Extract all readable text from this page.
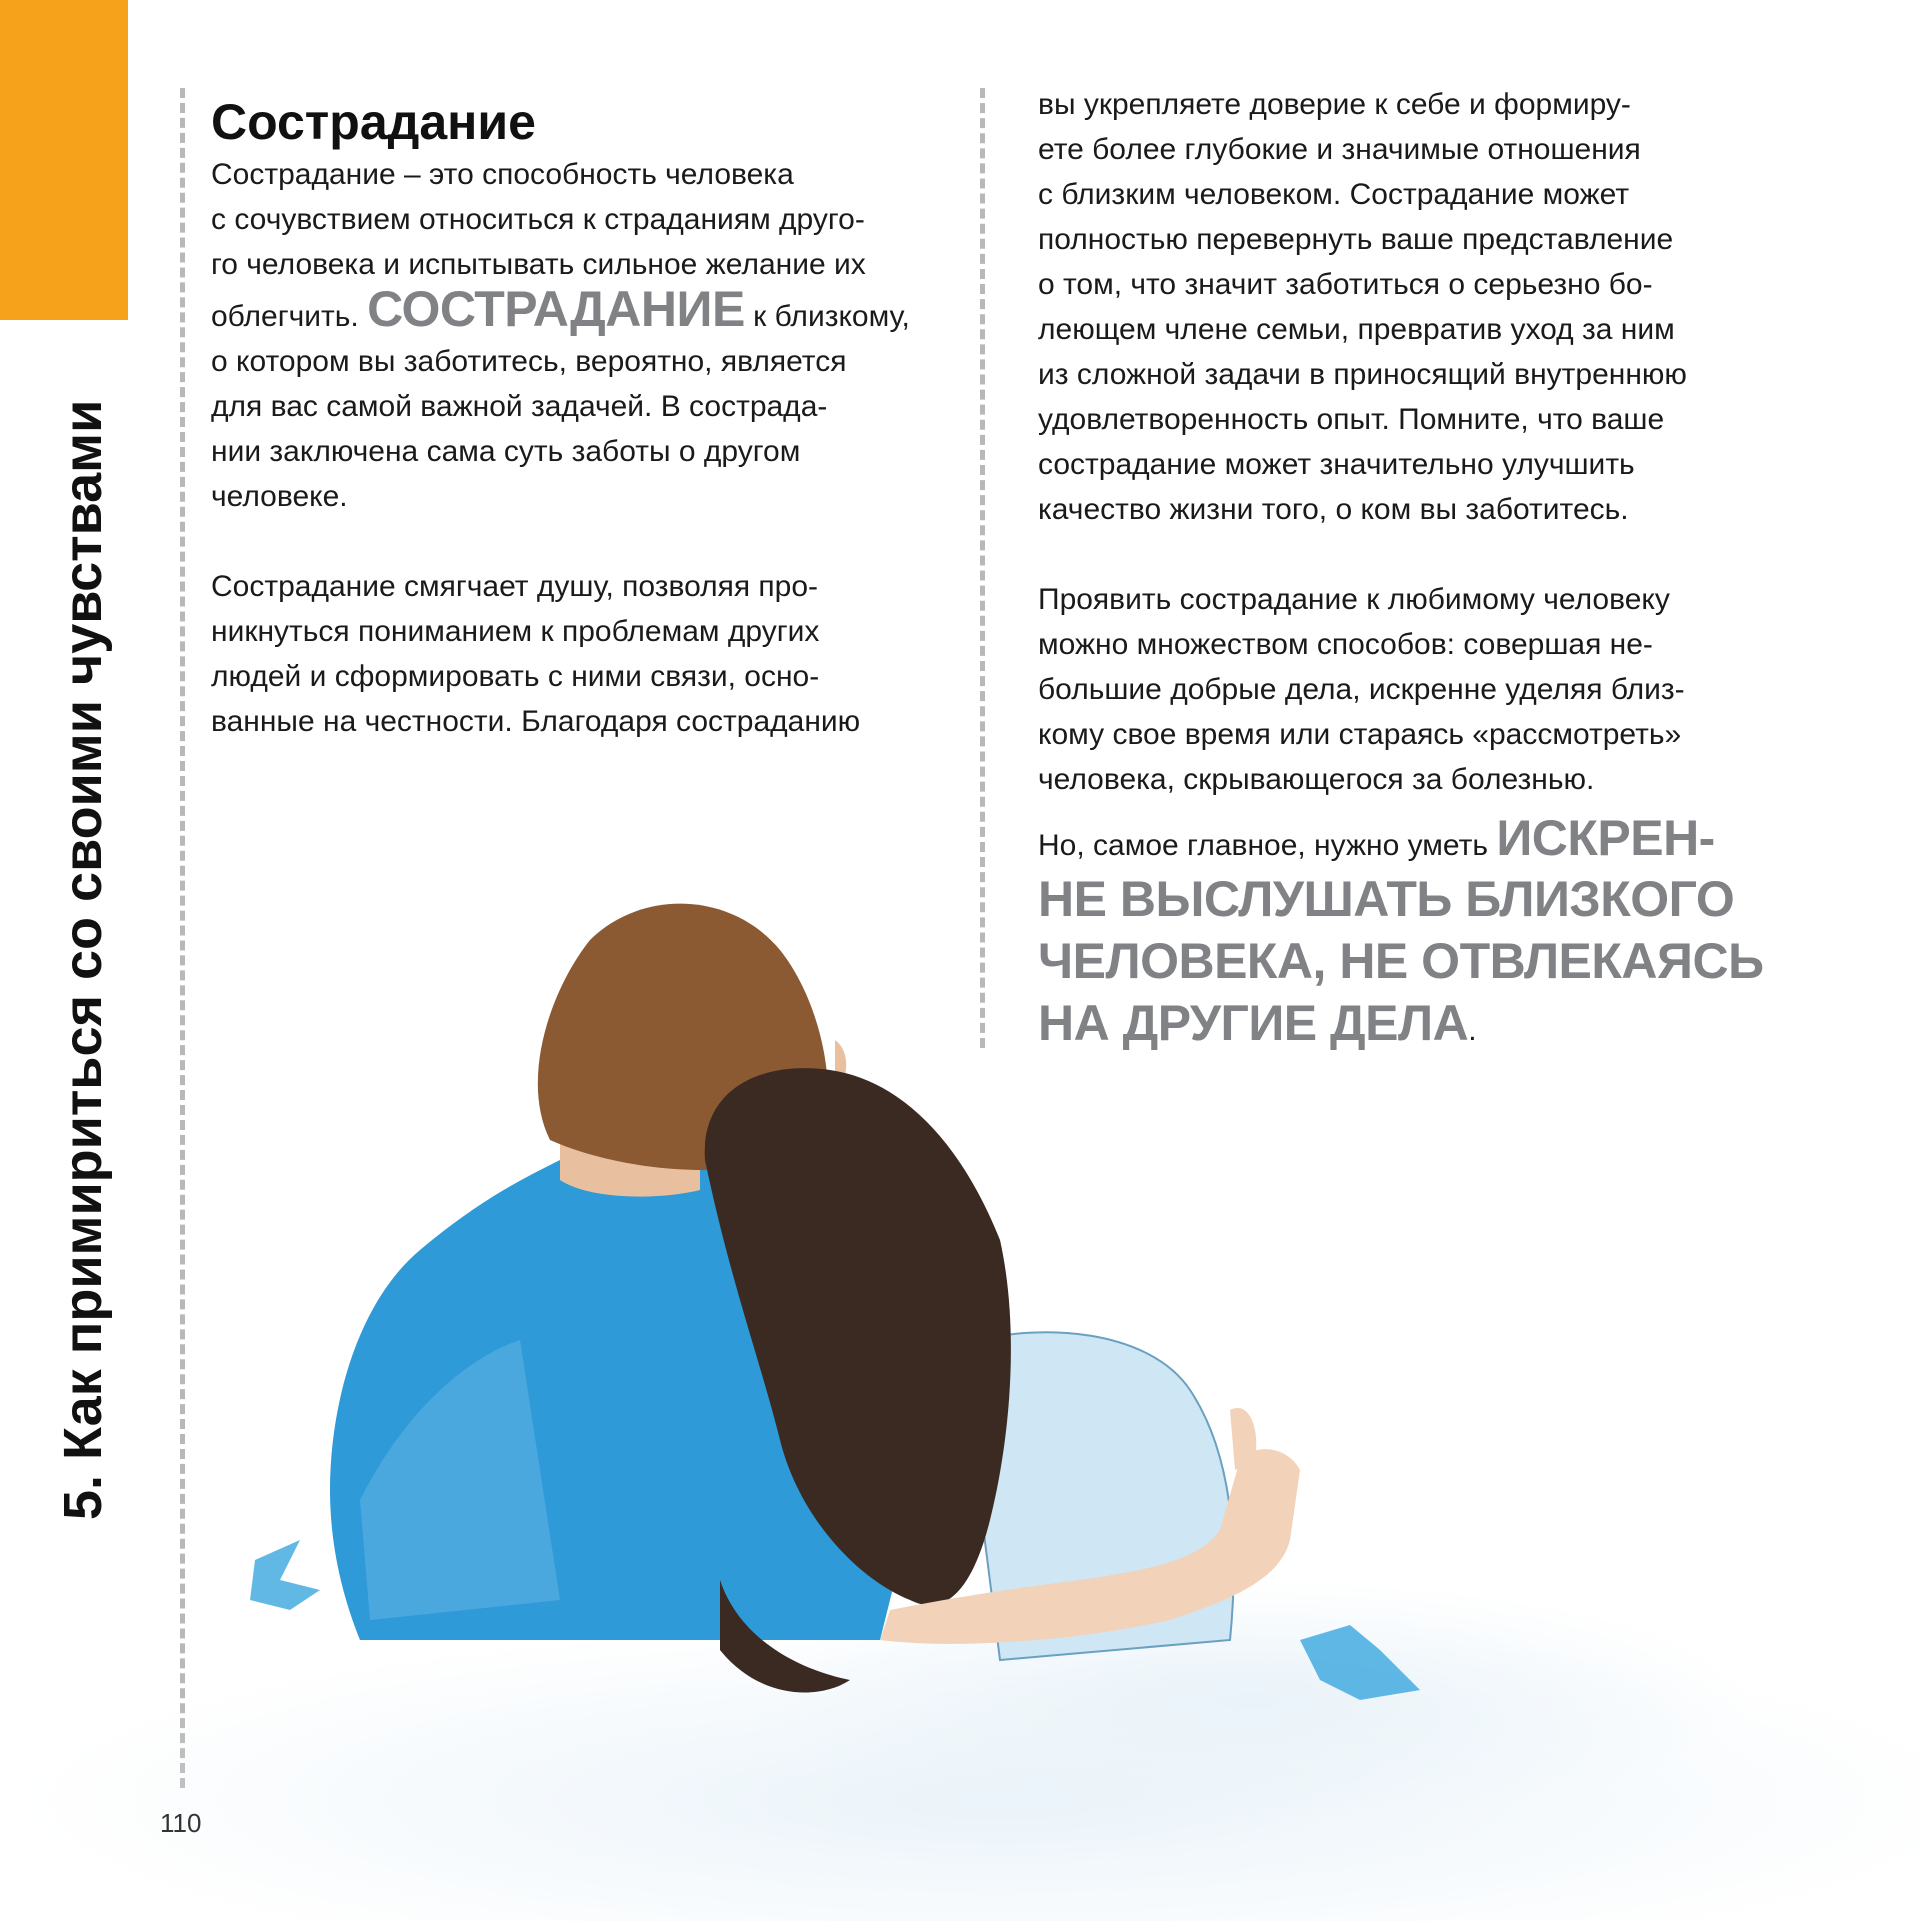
5. Как примириться со своими чувствами

Сострадание

Сострадание – это способность человека
с сочувствием относиться к страданиям друго-
го человека и испытывать сильное желание их
облегчить. СОСТРАДАНИЕ к близкому,
о котором вы заботитесь, вероятно, является
для вас самой важной задачей. В сострада-
нии заключена сама суть заботы о другом
человеке.

Сострадание смягчает душу, позволяя про-
никнуться пониманием к проблемам других
людей и сформировать с ними связи, осно-
ванные на честности. Благодаря состраданию

вы укрепляете доверие к себе и формиру-
ете более глубокие и значимые отношения
с близким человеком. Сострадание может
полностью перевернуть ваше представление
о том, что значит заботиться о серьезно бо-
леющем члене семьи, превратив уход за ним
из сложной задачи в приносящий внутреннюю
удовлетворенность опыт. Помните, что ваше
сострадание может значительно улучшить
качество жизни того, о ком вы заботитесь.

Проявить сострадание к любимому человеку
можно множеством способов: совершая не-
большие добрые дела, искренне уделяя близ-
кому свое время или стараясь «рассмотреть»
человека, скрывающегося за болезнью.

Но, самое главное, нужно уметь ИСКРЕН-
НЕ ВЫСЛУШАТЬ БЛИЗКОГО
ЧЕЛОВЕКА, НЕ ОТВЛЕКАЯСЬ
НА ДРУГИЕ ДЕЛА.

110
